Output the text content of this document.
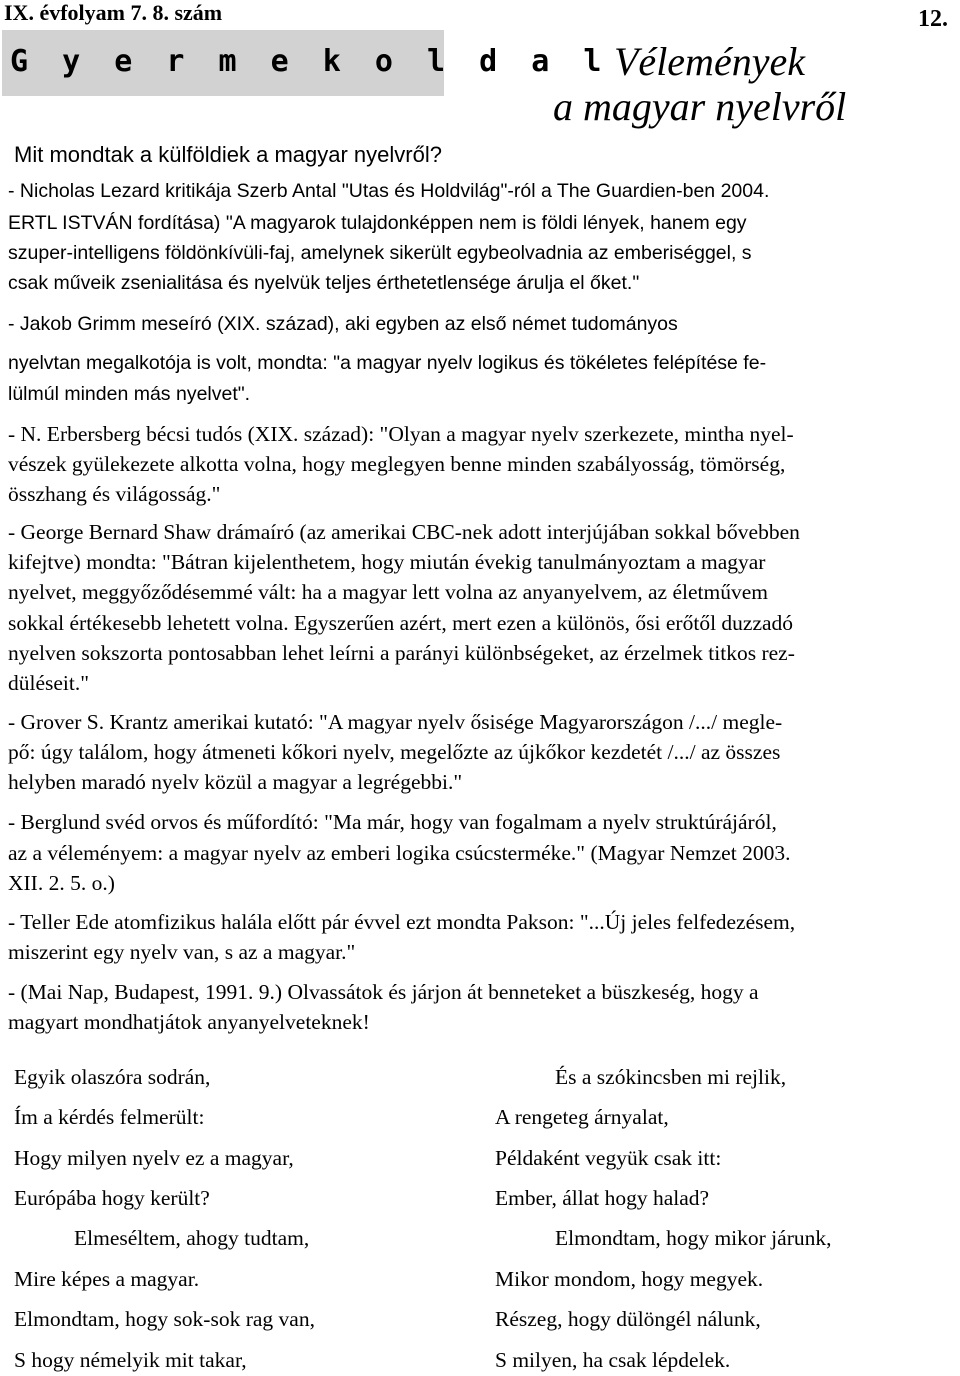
IX. évfolyam 7. 8. szám	12.
G y e r m e k o l d a l Vélemények
a magyar nyelvről
Mit mondtak a külföldiek a magyar nyelvről?
- Nicholas Lezard kritikája Szerb Antal "Utas és Holdvilág"-ról a The Guardien-ben 2004.
ERTL ISTVÁN fordítása) "A magyarok tulajdonképpen nem is földi lények, hanem egy
szuper-intelligens földönkívüli-faj, amelynek sikerült egybeolvadnia az emberiséggel, s
csak műveik zsenialitása és nyelvük teljes érthetetlensége árulja el őket."
- Jakob Grimm meseíró (XIX. század), aki egyben az első német tudományos
nyelvtan megalkotója is volt, mondta: "a magyar nyelv logikus és tökéletes felépítése fe-
lülmúl minden más nyelvet".
- N. Erbersberg bécsi tudós (XIX. század): "Olyan a magyar nyelv szerkezete, mintha nyel-
vészek gyülekezete alkotta volna, hogy meglegyen benne minden szabályosság, tömörség,
összhang és világosság."
- George Bernard Shaw drámaíró (az amerikai CBC-nek adott interjújában sokkal bővebben
kifejtve) mondta: "Bátran kijelenthetem, hogy miután évekig tanulmányoztam a magyar
nyelvet, meggyőződésemmé vált: ha a magyar lett volna az anyanyelvem, az életművem
sokkal értékesebb lehetett volna. Egyszerűen azért, mert ezen a különös, ősi erőtől duzzadó
nyelven sokszorta pontosabban lehet leírni a parányi különbségeket, az érzelmek titkos rez-
düléseit."
- Grover S. Krantz amerikai kutató: "A magyar nyelv ősisége Magyarországon /.../ megle-
pő: úgy találom, hogy átmeneti kőkori nyelv, megelőzte az újkőkor kezdetét /.../ az összes
helyben maradó nyelv közül a magyar a legrégebbi."
- Berglund svéd orvos és műfordító: "Ma már, hogy van fogalmam a nyelv struktúrájáról,
az a véleményem: a magyar nyelv az emberi logika csúcsterméke." (Magyar Nemzet 2003.
XII. 2. 5. o.)
- Teller Ede atomfizikus halála előtt pár évvel ezt mondta Pakson: "...Új jeles felfedezésem,
miszerint egy nyelv van, s az a magyar."
- (Mai Nap, Budapest, 1991. 9.) Olvassátok és járjon át benneteket a büszkeség, hogy a
magyart mondhatjátok anyanyelveteknek!
Egyik olaszóra sodrán,
Ím a kérdés felmerült:
Hogy milyen nyelv ez a magyar,
Európába hogy került?
Elmeséltem, ahogy tudtam,
Mire képes a magyar.
Elmondtam, hogy sok-sok rag van,
S hogy némelyik mit takar,
És a szókincsben mi rejlik,
A rengeteg árnyalat,
Példaként vegyük csak itt:
Ember, állat hogy halad?
Elmondtam, hogy mikor járunk,
Mikor mondom, hogy megyek.
Részeg, hogy dülöngél nálunk,
S milyen, ha csak lépdelek.
